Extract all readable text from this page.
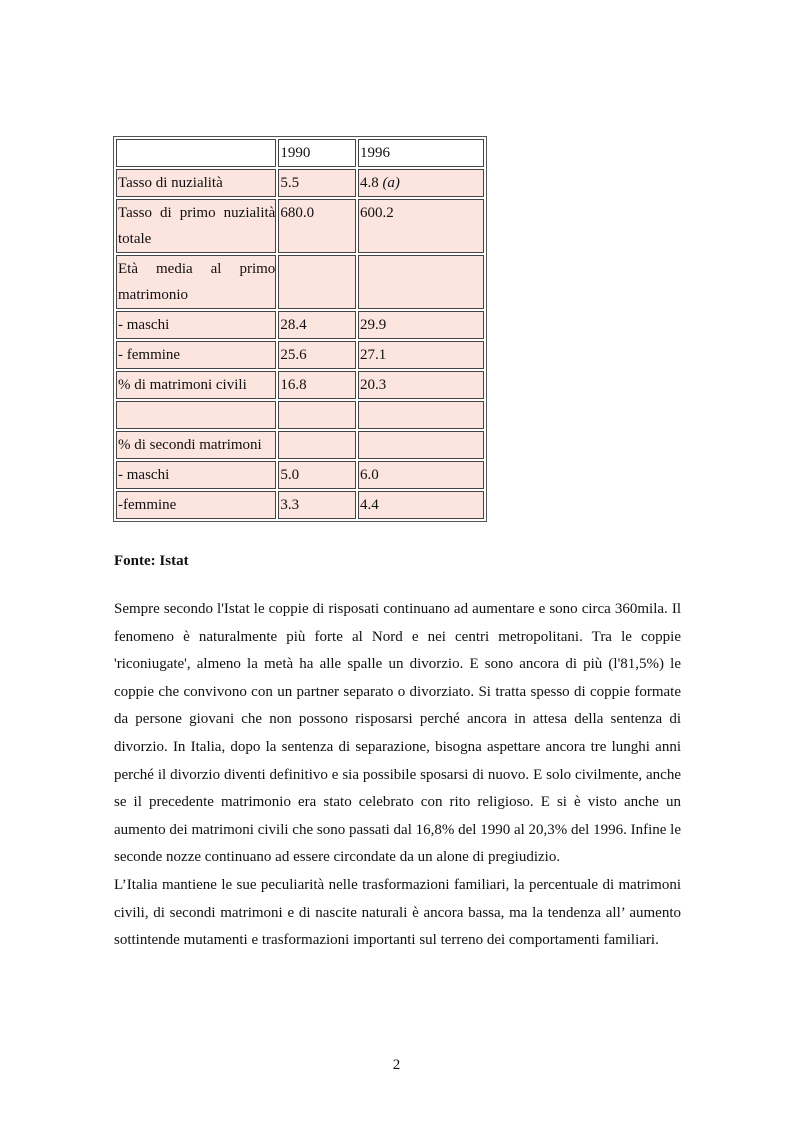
	1990	1996
Tasso di nuzialità	5.5	4.8 (a)
Tasso di primo nuzialità totale	680.0	600.2
Età media al primo matrimonio		
- maschi	28.4	29.9
- femmine	25.6	27.1
% di matrimoni civili	16.8	20.3

% di secondi matrimoni		
- maschi	5.0	6.0
-femmine	3.3	4.4
Fonte: Istat

Sempre secondo l'Istat le coppie di risposati continuano ad aumentare e sono circa 360mila. Il fenomeno è naturalmente più forte al Nord e nei centri metropolitani. Tra le coppie 'riconiugate', almeno la metà ha alle spalle un divorzio. E sono ancora di più (l'81,5%) le coppie che convivono con un partner separato o divorziato. Si tratta spesso di coppie formate da persone giovani che non possono risposarsi perché ancora in attesa della sentenza di divorzio. In Italia, dopo la sentenza di separazione, bisogna aspettare ancora tre lunghi anni perché il divorzio diventi definitivo e sia possibile sposarsi di nuovo. E solo civilmente, anche se il precedente matrimonio era stato celebrato con rito religioso. E si è visto anche un aumento dei matrimoni civili che sono passati dal 16,8% del 1990 al 20,3% del 1996. Infine le seconde nozze continuano ad essere circondate da un alone di pregiudizio.

L’Italia mantiene le sue peculiarità nelle trasformazioni familiari, la percentuale di matrimoni civili, di secondi matrimoni e di nascite naturali è ancora bassa, ma la tendenza all’ aumento sottintende mutamenti e trasformazioni importanti sul terreno dei comportamenti familiari.

2
